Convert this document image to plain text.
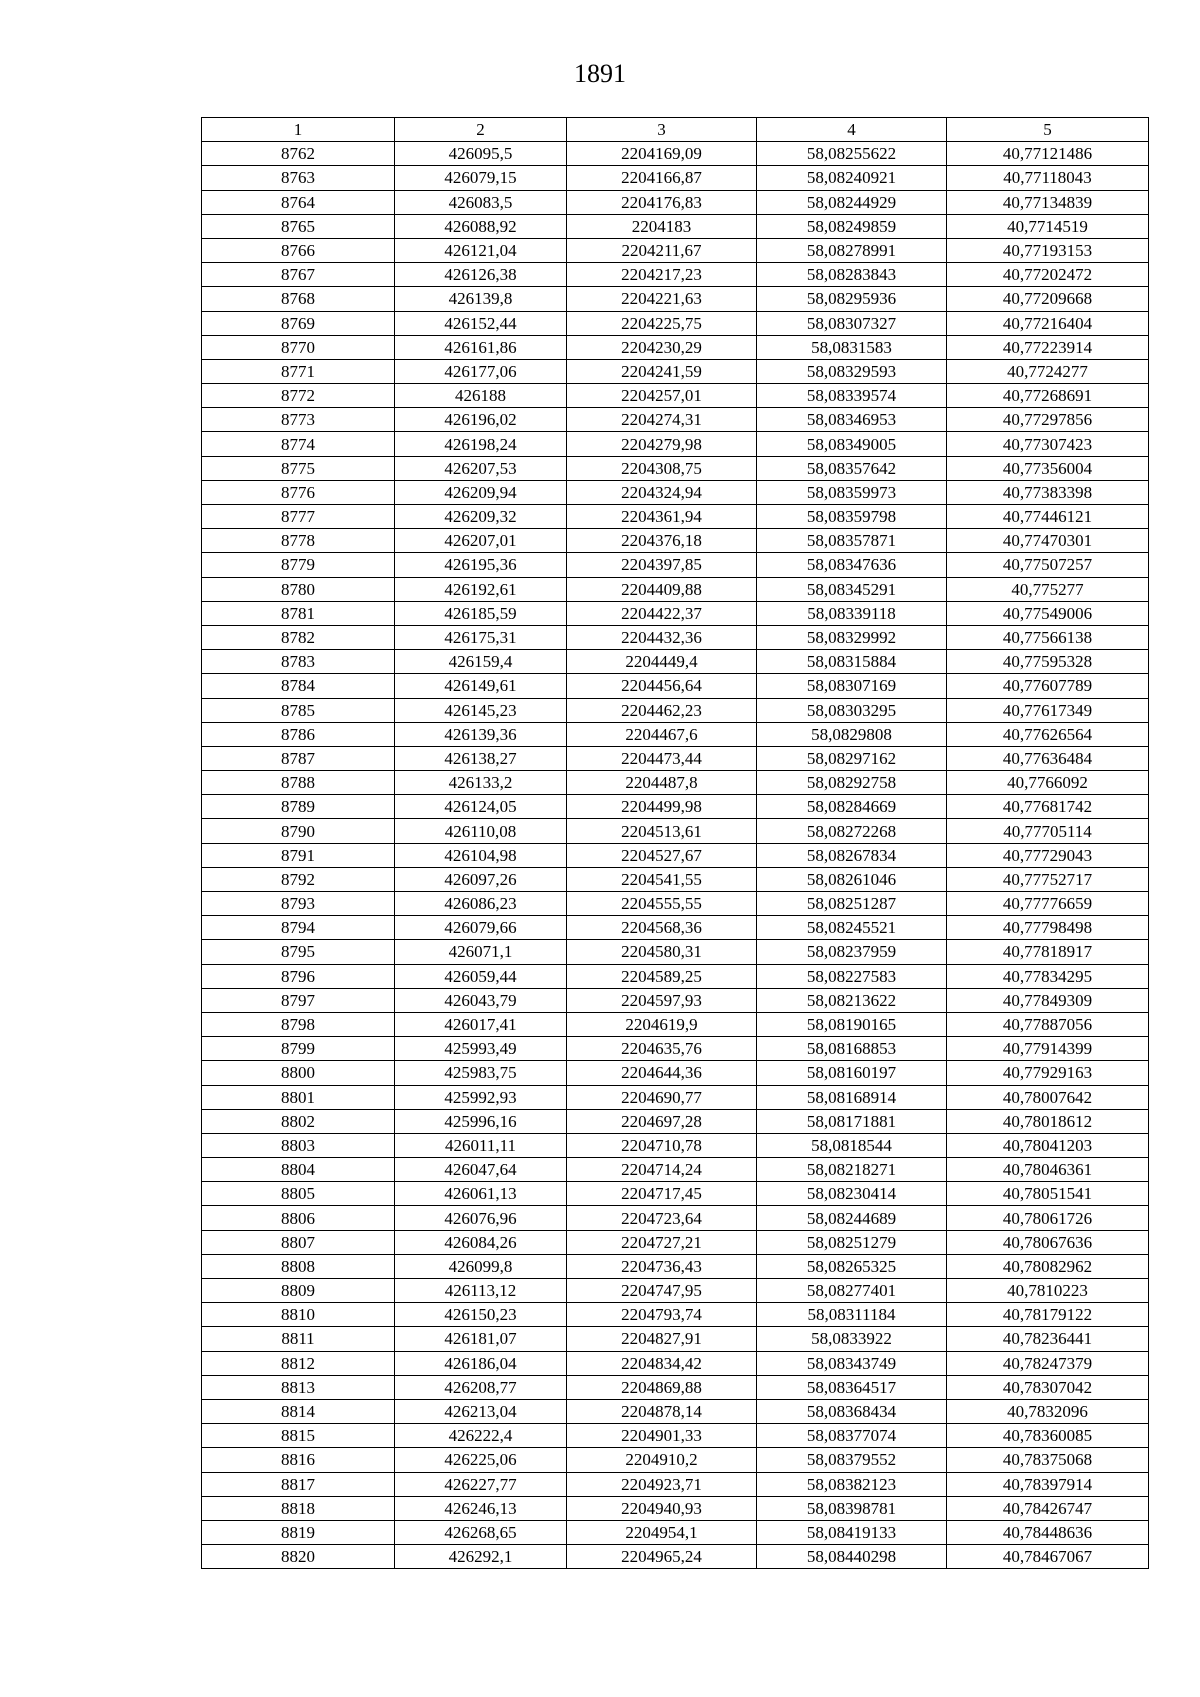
1891
1	2	3	4	5
8762	426095,5	2204169,09	58,08255622	40,77121486
8763	426079,15	2204166,87	58,08240921	40,77118043
8764	426083,5	2204176,83	58,08244929	40,77134839
8765	426088,92	2204183	58,08249859	40,7714519
8766	426121,04	2204211,67	58,08278991	40,77193153
8767	426126,38	2204217,23	58,08283843	40,77202472
8768	426139,8	2204221,63	58,08295936	40,77209668
8769	426152,44	2204225,75	58,08307327	40,77216404
8770	426161,86	2204230,29	58,0831583	40,77223914
8771	426177,06	2204241,59	58,08329593	40,7724277
8772	426188	2204257,01	58,08339574	40,77268691
8773	426196,02	2204274,31	58,08346953	40,77297856
8774	426198,24	2204279,98	58,08349005	40,77307423
8775	426207,53	2204308,75	58,08357642	40,77356004
8776	426209,94	2204324,94	58,08359973	40,77383398
8777	426209,32	2204361,94	58,08359798	40,77446121
8778	426207,01	2204376,18	58,08357871	40,77470301
8779	426195,36	2204397,85	58,08347636	40,77507257
8780	426192,61	2204409,88	58,08345291	40,775277
8781	426185,59	2204422,37	58,08339118	40,77549006
8782	426175,31	2204432,36	58,08329992	40,77566138
8783	426159,4	2204449,4	58,08315884	40,77595328
8784	426149,61	2204456,64	58,08307169	40,77607789
8785	426145,23	2204462,23	58,08303295	40,77617349
8786	426139,36	2204467,6	58,0829808	40,77626564
8787	426138,27	2204473,44	58,08297162	40,77636484
8788	426133,2	2204487,8	58,08292758	40,7766092
8789	426124,05	2204499,98	58,08284669	40,77681742
8790	426110,08	2204513,61	58,08272268	40,77705114
8791	426104,98	2204527,67	58,08267834	40,77729043
8792	426097,26	2204541,55	58,08261046	40,77752717
8793	426086,23	2204555,55	58,08251287	40,77776659
8794	426079,66	2204568,36	58,08245521	40,77798498
8795	426071,1	2204580,31	58,08237959	40,77818917
8796	426059,44	2204589,25	58,08227583	40,77834295
8797	426043,79	2204597,93	58,08213622	40,77849309
8798	426017,41	2204619,9	58,08190165	40,77887056
8799	425993,49	2204635,76	58,08168853	40,77914399
8800	425983,75	2204644,36	58,08160197	40,77929163
8801	425992,93	2204690,77	58,08168914	40,78007642
8802	425996,16	2204697,28	58,08171881	40,78018612
8803	426011,11	2204710,78	58,0818544	40,78041203
8804	426047,64	2204714,24	58,08218271	40,78046361
8805	426061,13	2204717,45	58,08230414	40,78051541
8806	426076,96	2204723,64	58,08244689	40,78061726
8807	426084,26	2204727,21	58,08251279	40,78067636
8808	426099,8	2204736,43	58,08265325	40,78082962
8809	426113,12	2204747,95	58,08277401	40,7810223
8810	426150,23	2204793,74	58,08311184	40,78179122
8811	426181,07	2204827,91	58,0833922	40,78236441
8812	426186,04	2204834,42	58,08343749	40,78247379
8813	426208,77	2204869,88	58,08364517	40,78307042
8814	426213,04	2204878,14	58,08368434	40,7832096
8815	426222,4	2204901,33	58,08377074	40,78360085
8816	426225,06	2204910,2	58,08379552	40,78375068
8817	426227,77	2204923,71	58,08382123	40,78397914
8818	426246,13	2204940,93	58,08398781	40,78426747
8819	426268,65	2204954,1	58,08419133	40,78448636
8820	426292,1	2204965,24	58,08440298	40,78467067
